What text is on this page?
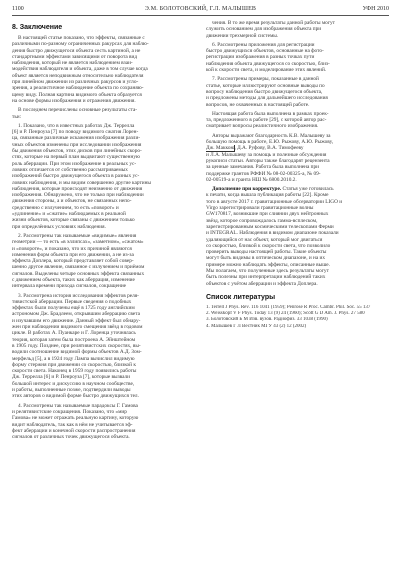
1100	Э.М. БОЛОТОВСКИЙ, Г.Л. МАЛЫШЕВ	УФН 2010
8. Заключение
В настоящей статье показано, что эффекты, связанные с
различными по-разному ограниченных ракурсах для наблю-
дения быстро движущегося объекта сесть картиной, а не
стандартными эффектами зависящими от поворота вид
наблюдения, который не является наблюдением взаи-
модействия наблюдателя и объекта, даже в том случае когда
объект является неподвижным относительно наблюдателя
при линейном движении из различных ракурсов и угло-
зрения, а реалистичное наблюдение объекта по сохраняю-
щему виду. Полная картина видимого объекта образуется
на основе формы изображения и отражения движения.
В последнем перечислены основные результаты ста-
тьи:
1. Показано, что в известных работах Дж. Террелла
[6] и Р. Пенроуза [7] по поводу видимого сжатия Лорен-
ца, связанные различные искажения изображения разли-
чных объектов изменены при исследовании изображения
бы движения объектов, этих дисков при линейных скоро-
стях, которые на первый план выдвигают существенную
роль аберрации. При этом изображение в реальных ус-
ловиях отличается от собственно рассматриваемых
изображений быстро движущегося объекта в разных ус-
ловиях наблюдения, и мы видим совершенно другие картины
наблюдения, которые происходят неизменно от движения
изображения. Обнаружено, что не только при наблюдении
движения стороны, а и объектов, не связанных непо-
средственно с излучением, то есть «поворот» и
«удлинение» и «сжатие» наблюдаемых в реальной
жизни объектов, которые связаны с движением только
при определённых условиях наблюдения.
2. Рассмотрены так называемые «видимые» явления
геометрии — то есть «в эллипсах», «заметном», «сжатом»
и «повороте», и показано, что их причиной являются
изменения форм объекта при его движении, а не из-за
эффекта Доплера, который представляет собой совер-
шенно другое явление, связанное с излучением и приёмом
сигналов. Выделены четыре основных эффекта связанных
с движением объекта, таких как аберрация, изменение
интервала времени прихода сигналов, сокращение
3. Рассмотрена история исследования эффектов реля-
тивистской аберрации. Первые сведения о подобных
эффектах были получены ещё в 1725 году английским
астрономом Дж. Брадлеем, открывшим аберрацию света
и изучавшим его движение. Данный эффект был обнару-
жен при наблюдении видимого смещения звёзд в годовом
цикле. В работах А. Пуанкаре и Г. Лоренца уточнялась
теория, которая затем была построена А. Эйнштейном
в 1905 году. Позднее, при релятивистских скоростях, вы-
водили соотношение видимой формы объектов А.Д. Зом-
мерфельд [5], а в 1924 году Лампа вычислил видимую
форму стержня при движении со скоростью, близкой к
скорости света. Наконец в 1959 году появились работы
Дж. Террелла [6] и Р. Пенроуза [7], которые вызвали
большой интерес и дискуссию в научном сообществе,
и работы, выполненные позже, подтвердили выводы
этих авторов о видимой форме быстро движущихся тел.
4. Рассмотрены так называемые парадоксы Г. Гамова
и релятивистские сокращения. Показано, что «мир
Гамова» не может отражать реальную картину, которую
видит наблюдатель, так как в нём не учитывается эф-
фект аберрации и конечной скорости распространения
сигналов от различных точек движущегося объекта.
чения. В то же время результаты данной работы могут
служить основанием для изображения объекта при
движении трехмерной системы.
6. Рассмотрены приложения для регистрации
быстро движущихся объектов, основанные на фото-
регистрации изображения в разных точках пути
наблюдения объекта движущегося со скоростью, близ-
кой к скорости света, и моделирование этих явлений.
7. Рассмотрены примеры, показанные в данной
статье, которые иллюстрируют основные выводы по
вопросу наблюдения быстро движущегося объекта,
и предложены методы для дальнейшего исследования
вопросов, не охваченных в настоящей работе.
Настоящая работа была выполнена в рамках проек-
та, предложенного в работе [29], с которой автор рас-
сматривает вопросы реалистичного изображения.
Авторы выражают благодарность К.В. Малышеву за
большую помощь в работе, Е.Ю. Рыжову, А.Ю. Рыжову,
Дж. Маккою, Д.А. Руфову, В.А. Тимофееву
и Л.А. Малышеву за помощь и полезные обсуждения
рукописи статьи. Авторы также благодарят рецензента
за ценные замечания. Работа была выполнена при
поддержке грантов РФФИ № 08-02-00325-а, № 09-
02-00519-а и гранта НШ № 6800.2010.2.
Дополнение при корректуре. Статья уже готовилась
к печати, когда вышла публикация работы [22]. Кроме
того в августе 2017 г. гравитационные обсерватории LIGO и
Virgo зарегистрировали гравитационные волны
GW170817, возникшие при слиянии двух нейтронных
звёзд, которое сопровождалось гамма-всплеском,
зарегистрированным космическими телескопами Ферми
и INTEGRAL. Наблюдения в видимом диапазоне показали
удаляющийся от нас объект, который мог двигаться
со скоростью, близкой к скорости света, что позволило
проверить выводы настоящей работы. Такие объекты
могут быть видимы в оптическом диапазоне, и на их
примере можно наблюдать эффекты, описанные выше.
Мы полагаем, что полученные здесь результаты могут
быть полезны при интерпретации наблюдений таких
объектов с учётом аберрации и эффекта Доплера.
Список литературы
1. Terrell J Phys. Rev. 116 1041 (1959); Penrose R Proc. Cambr. Phil. Soc. 55 137
2. Weisskopf V F Phys. Today 13 (9) 24 (1960); Scott G D Am. J. Phys. 27 580
3. Болотовский Б М Изв. вузов. Радиофиз. 33 1038 (1990)
4. Малышев Г Л Вестник МГУ 43 (2) 12 (2002)
